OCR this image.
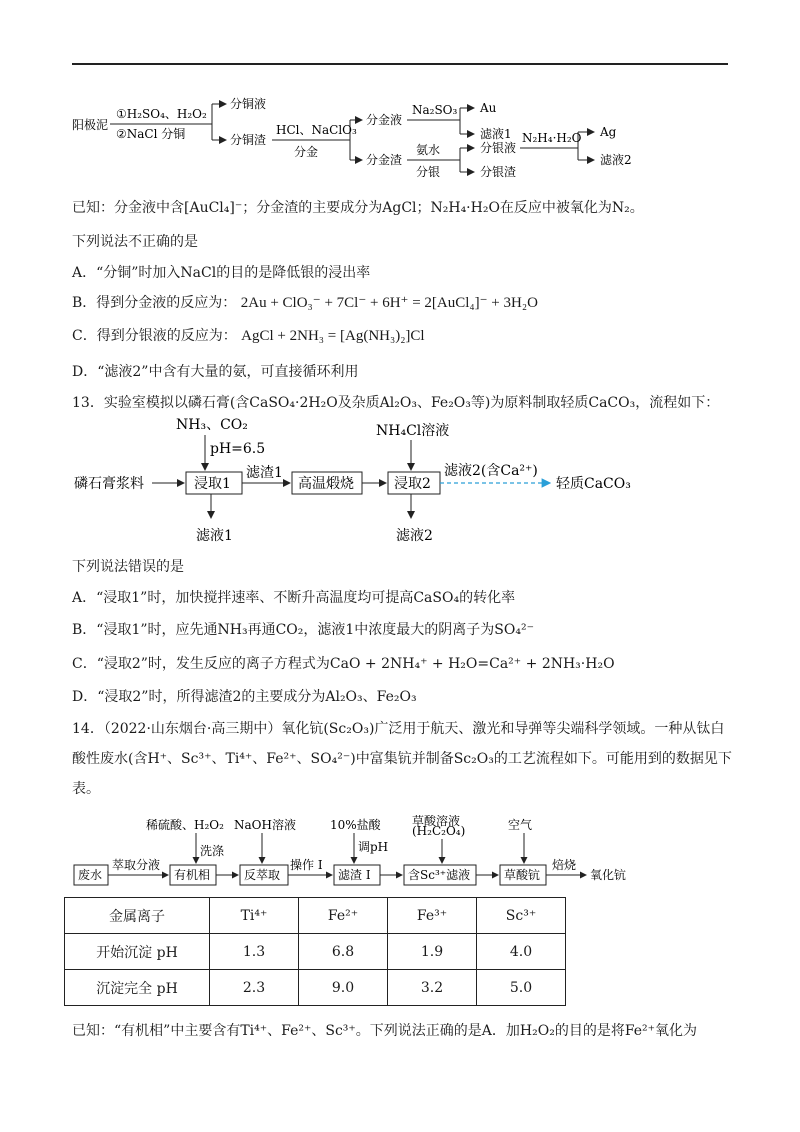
阳极泥
①H₂SO₄、H₂O₂
②NaCl 分铜
分铜液
分铜渣
HCl、NaClO₃
分金
分金液
分金渣
Na₂SO₃ Au
滤液1
氨水
分银
分银液
分银渣
N₂H₄·H₂O Ag
滤液2
已知：分金液中含[AuCl₄]⁻；分金渣的主要成分为AgCl；N₂H₄·H₂O在反应中被氧化为N₂。
下列说法不正确的是
A．“分铜”时加入NaCl的目的是降低银的浸出率
B．得到分金液的反应为： 2Au + ClO₃⁻ + 7Cl⁻ + 6H⁺ = 2[AuCl₄]⁻ + 3H₂O
C．得到分银液的反应为： AgCl + 2NH₃ = [Ag(NH₃)₂]Cl
D．“滤液2”中含有大量的氨，可直接循环利用
13．实验室模拟以磷石膏(含CaSO₄·2H₂O及杂质Al₂O₃、Fe₂O₃等)为原料制取轻质CaCO₃，流程如下：
NH₃、CO₂
pH=6.5
NH₄Cl溶液
磷石膏浆料	浸取1
滤渣1
高温煅烧	浸取2
滤液2(含Ca²⁺)
轻质CaCO₃
滤液1	滤液2
下列说法错误的是
A．“浸取1”时，加快搅拌速率、不断升高温度均可提高CaSO₄的转化率
B．“浸取1”时，应先通NH₃再通CO₂，滤液1中浓度最大的阴离子为SO₄²⁻
C．“浸取2”时，发生反应的离子方程式为CaO + 2NH₄⁺ + H₂O=Ca²⁺ + 2NH₃·H₂O
D．“浸取2”时，所得滤渣2的主要成分为Al₂O₃、Fe₂O₃
14．（2022·山东烟台·高三期中）氧化钪(Sc₂O₃)广泛用于航天、激光和导弹等尖端科学领域。一种从钛白
酸性废水(含H⁺、Sc³⁺、Ti⁴⁺、Fe²⁺、SO₄²⁻)中富集钪并制备Sc₂O₃的工艺流程如下。可能用到的数据见下
表。
废水
萃取分液
有机相
稀硫酸、H₂O₂
洗涤
NaOH溶液
反萃取
操作 I
滤渣 I
10%盐酸
调pH
含Sc³⁺滤液
草酸溶液
(H₂C₂O₄)
草酸钪
空气
焙烧
氧化钪
金属离子	Ti⁴⁺	Fe²⁺	Fe³⁺	Sc³⁺
开始沉淀 pH	1.3	6.8	1.9	4.0
沉淀完全 pH	2.3	9.0	3.2	5.0
已知：“有机相”中主要含有Ti⁴⁺、Fe²⁺、Sc³⁺。下列说法正确的是A．加H₂O₂的目的是将Fe²⁺氧化为
